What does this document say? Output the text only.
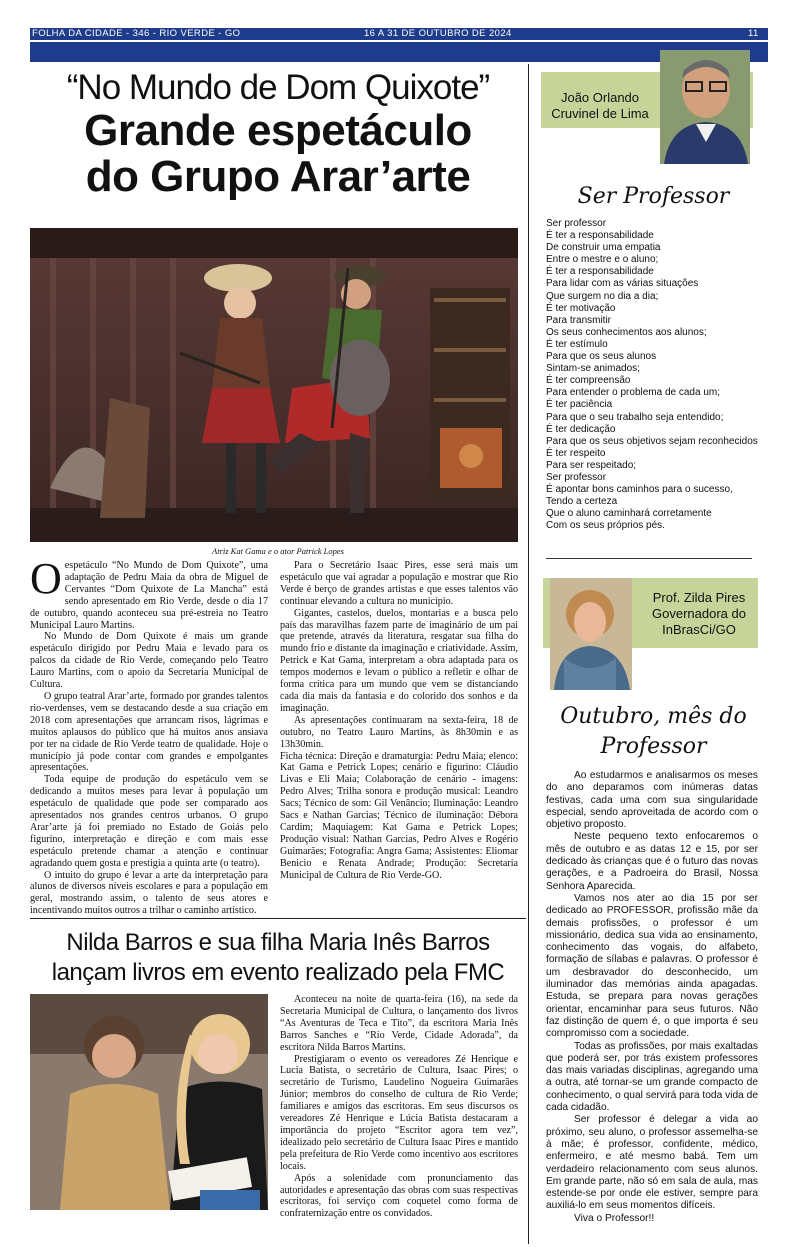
FOLHA DA CIDADE - 346 - RIO VERDE - GO	16 A 31 DE OUTUBRO DE 2024	11
“No Mundo de Dom Quixote”
Grande espetáculo
do Grupo Arar’arte
Atriz Kat Gama e o ator Patrick Lopes

Oespetáculo “No Mundo de Dom Quixote”, uma adaptação de Pedru Maia da obra de Miguel de Cervantes “Dom Quixote de La Mancha” está sendo apresentado em Rio Verde, desde o dia 17 de outubro, quando aconteceu sua pré-estreia no Teatro Municipal Lauro Martins.

No Mundo de Dom Quixote é mais um grande espetáculo dirigido por Pedru Maia e levado para os palcos da cidade de Rio Verde, começando pelo Teatro Lauro Martins, com o apoio da Secretaria Municipal de Cultura.

O grupo teatral Arar’arte, formado por grandes talentos rio-verdenses, vem se destacando desde a sua criação em 2018 com apresentações que arrancam risos, lágrimas e muitos aplausos do público que há muitos anos ansiava por ter na cidade de Rio Verde teatro de qualidade. Hoje o município já pode contar com grandes e empolgantes apresentações.

Toda equipe de produção do espetáculo vem se dedicando a muitos meses para levar à população um espetáculo de qualidade que pode ser comparado aos apresentados nos grandes centros urbanos. O grupo Arar’arte já foi premiado no Estado de Goiás pelo figurino, interpretação e direção e com mais esse espetáculo pretende chamar a atenção e continuar agradando quem gosta e prestigia a quinta arte (o teatro).

O intuito do grupo é levar a arte da interpretação para alunos de diversos níveis escolares e para a população em geral, mostrando assim, o talento de seus atores e incentivando muitos outros a trilhar o caminho artístico.

Para o Secretário Isaac Pires, esse será mais um espetáculo que vai agradar a população e mostrar que Rio Verde é berço de grandes artistas e que esses talentos vão continuar elevando a cultura no município.

Gigantes, castelos, duelos, montarias e a busca pelo país das maravilhas fazem parte de imaginário de um pai que pretende, através da literatura, resgatar sua filha do mundo frio e distante da imaginação e criatividade. Assim, Petrick e Kat Gama, interpretam a obra adaptada para os tempos modernos e levam o público a refletir e olhar de forma crítica para um mundo que vem se distanciando cada dia mais da fantasia e do colorido dos sonhos e da imaginação.

As apresentações continuaram na sexta-feira, 18 de outubro, no Teatro Lauro Martins, às 8h30min e as 13h30min.

Ficha técnica: Direção e dramaturgia: Pedru Maia; elenco: Kat Gama e Petrick Lopes; cenário e figurino: Cláudio Livas e Eli Maia; Colaboração de cenário - imagens: Pedro Alves; Trilha sonora e produção musical: Leandro Sacs; Técnico de som: Gil Venâncio; Iluminação: Leandro Sacs e Nathan Garcias; Técnico de iluminação: Débora Cardim; Maquiagem: Kat Gama e Petrick Lopes; Produção visual: Nathan Garcias, Pedro Alves e Rogério Guimarães; Fotografia: Angra Gama; Assistentes: Eliomar Benicio e Renata Andrade; Produção: Secretaria Municipal de Cultura de Rio Verde-GO.

Nilda Barros e sua filha Maria Inês Barros
lançam livros em evento realizado pela FMC

Aconteceu na noite de quarta-feira (16), na sede da Secretaria Municipal de Cultura, o lançamento dos livros “As Aventuras de Teca e Tito”, da escritora Maria Inês Barros Sanches e “Rio Verde, Cidade Adorada”, da escritora Nilda Barros Martins.

Prestigiaram o evento os vereadores Zé Henrique e Lucia Batista, o secretário de Cultura, Isaac Pires; o secretário de Turismo, Laudelino Nogueira Guimarães Júnior; membros do conselho de cultura de Rio Verde; familiares e amigos das escritoras. Em seus discursos os vereadores Zé Henrique e Lúcia Batista destacaram a importância do projeto “Escritor agora tem vez”, idealizado pelo secretário de Cultura Isaac Pires e mantido pela prefeitura de Rio Verde como incentivo aos escritores locais.

Após a solenidade com pronunciamento das autoridades e apresentação das obras com suas respectivas escritoras, foi serviço com coquetel como forma de confraternização entre os convidados.

João Orlando
Cruvinel de Lima
Ser Professor
Ser professor
É ter a responsabilidade
De construir uma empatia
Entre o mestre e o aluno;
É ter a responsabilidade
Para lidar com as várias situações
Que surgem no dia a dia;
É ter motivação
Para transmitir
Os seus conhecimentos aos alunos;
É ter estímulo
Para que os seus alunos
Sintam-se animados;
É ter compreensão
Para entender o problema de cada um;
É ter paciência
Para que o seu trabalho seja entendido;
É ter dedicação
Para que os seus objetivos sejam reconhecidos
É ter respeito
Para ser respeitado;
Ser professor
É apontar bons caminhos para o sucesso,
Tendo a certeza
Que o aluno caminhará corretamente
Com os seus próprios pés.
Prof. Zilda Pires
Governadora do
InBrasCi/GO
Outubro, mês do
Professor

Ao estudarmos e analisarmos os meses do ano deparamos com inúmeras datas festivas, cada uma com sua singularidade especial, sendo aproveitada de acordo com o objetivo proposto.

Neste pequeno texto enfocaremos o mês de outubro e as datas 12 e 15, por ser dedicado às crianças que é o futuro das novas gerações, e a Padroeira do Brasil, Nossa Senhora Aparecida.

Vamos nos ater ao dia 15 por ser dedicado ao PROFESSOR, profissão mãe da demais profissões, o professor é um missionário, dedica sua vida ao ensinamento, conhecimento das vogais, do alfabeto, formação de sílabas e palavras. O professor é um desbravador do desconhecido, um iluminador das memórias ainda apagadas. Estuda, se prepara para novas gerações orientar, encaminhar para seus futuros. Não faz distinção de quem é, o que importa é seu compromisso com a sociedade.

Todas as profissões, por mais exaltadas que poderá ser, por trás existem professores das mais variadas disciplinas, agregando uma a outra, até tornar-se um grande compacto de conhecimento, o qual servirá para toda vida de cada cidadão.

Ser professor é delegar a vida ao próximo, seu aluno, o professor assemelha-se à mãe; é professor, confidente, médico, enfermeiro, e até mesmo babá. Tem um verdadeiro relacionamento com seus alunos. Em grande parte, não só em sala de aula, mas estende-se por onde ele estiver, sempre para auxiliá-lo em seus momentos difíceis.

Viva o Professor!!
